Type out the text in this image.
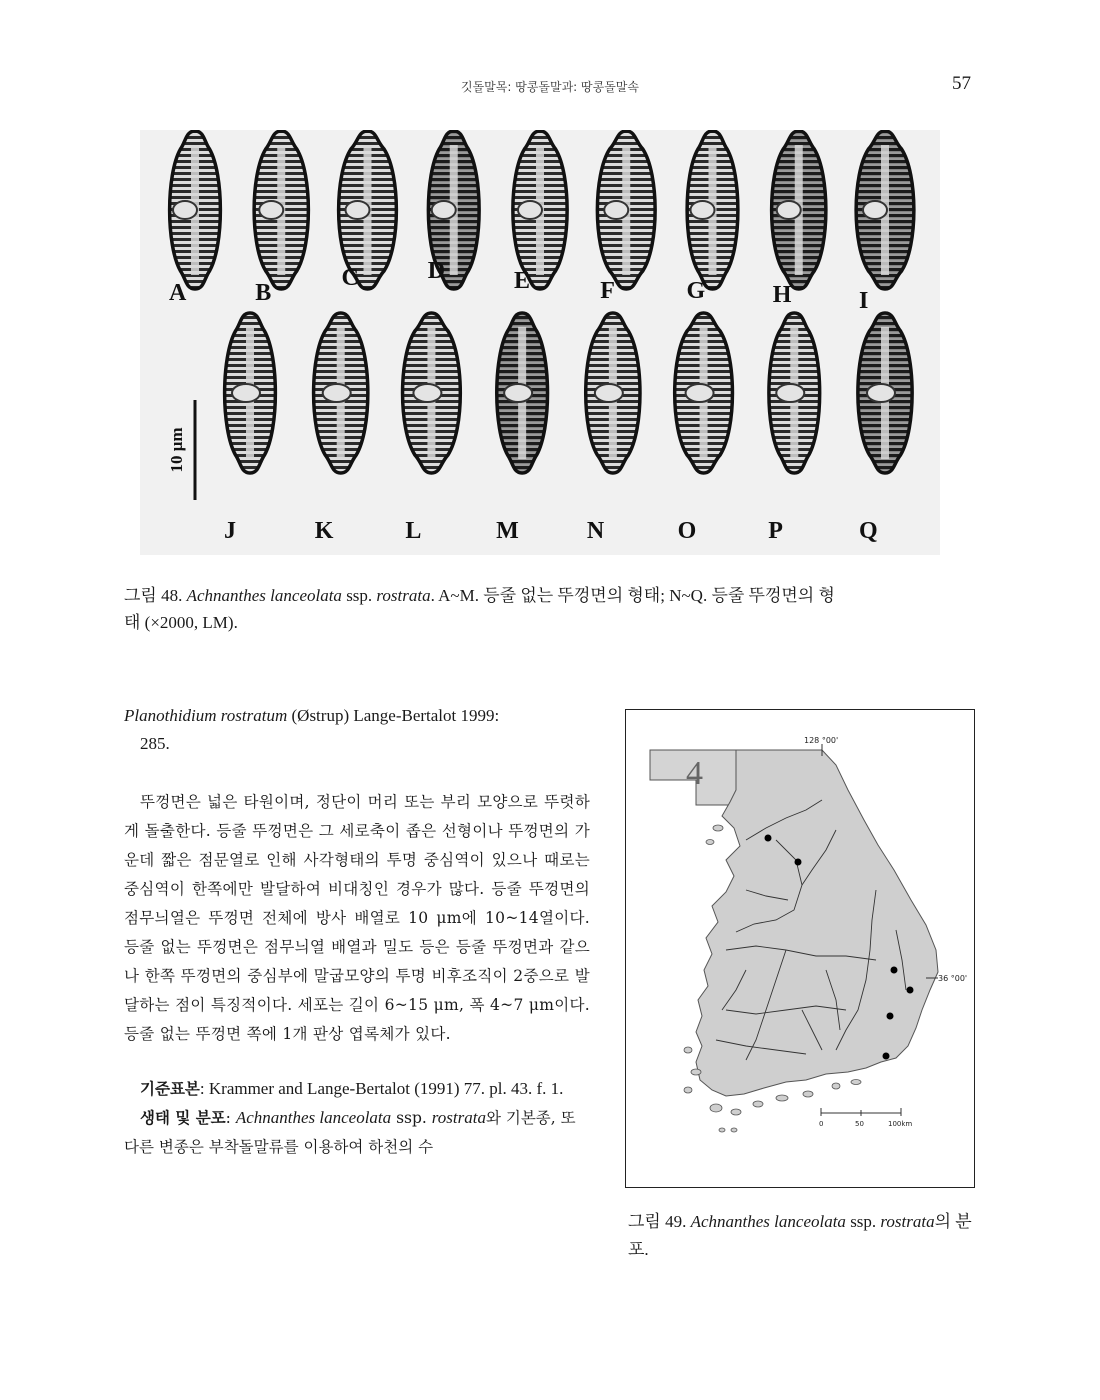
깃돌말목: 땅콩돌말과: 땅콩돌말속	57
10 μm
A	B
C	D	E	F	G	H	I
J	K	L	M	N	O	P	Q
그림 48. Achnanthes lanceolata ssp. rostrata. A~M. 등줄 없는 뚜껑면의 형태; N~Q. 등줄 뚜껑면의 형
태 (×2000, LM).

Planothidium rostratum (Østrup) Lange-Bertalot 1999:
285.

뚜껑면은 넓은 타원이며, 정단이 머리 또는 부리 모양으로 뚜렷하게 돌출한다. 등줄 뚜껑면은 그 세로축이 좁은 선형이나 뚜껑면의 가운데 짧은 점문열로 인해 사각형태의 투명 중심역이 있으나 때로는 중심역이 한쪽에만 발달하여 비대칭인 경우가 많다. 등줄 뚜껑면의 점무늬열은 뚜껑면 전체에 방사 배열로 10 μm에 10~14열이다. 등줄 없는 뚜껑면은 점무늬열 배열과 밀도 등은 등줄 뚜껑면과 같으나 한쪽 뚜껑면의 중심부에 말굽모양의 투명 비후조직이 2중으로 발달하는 점이 특징적이다. 세포는 길이 6~15 μm, 폭 4~7 μm이다. 등줄 없는 뚜껑면 쪽에 1개 판상 엽록체가 있다.

기준표본: Krammer and Lange-Bertalot (1991) 77. pl. 43. f. 1.

생태 및 분포: Achnanthes lanceolata ssp. rostrata와 기본종, 또 다른 변종은 부착돌말류를 이용하여 하천의 수

4
128 °00'
36 °00'
0	50	100km
그림 49. Achnanthes lanceolata ssp. rostrata의 분포.
